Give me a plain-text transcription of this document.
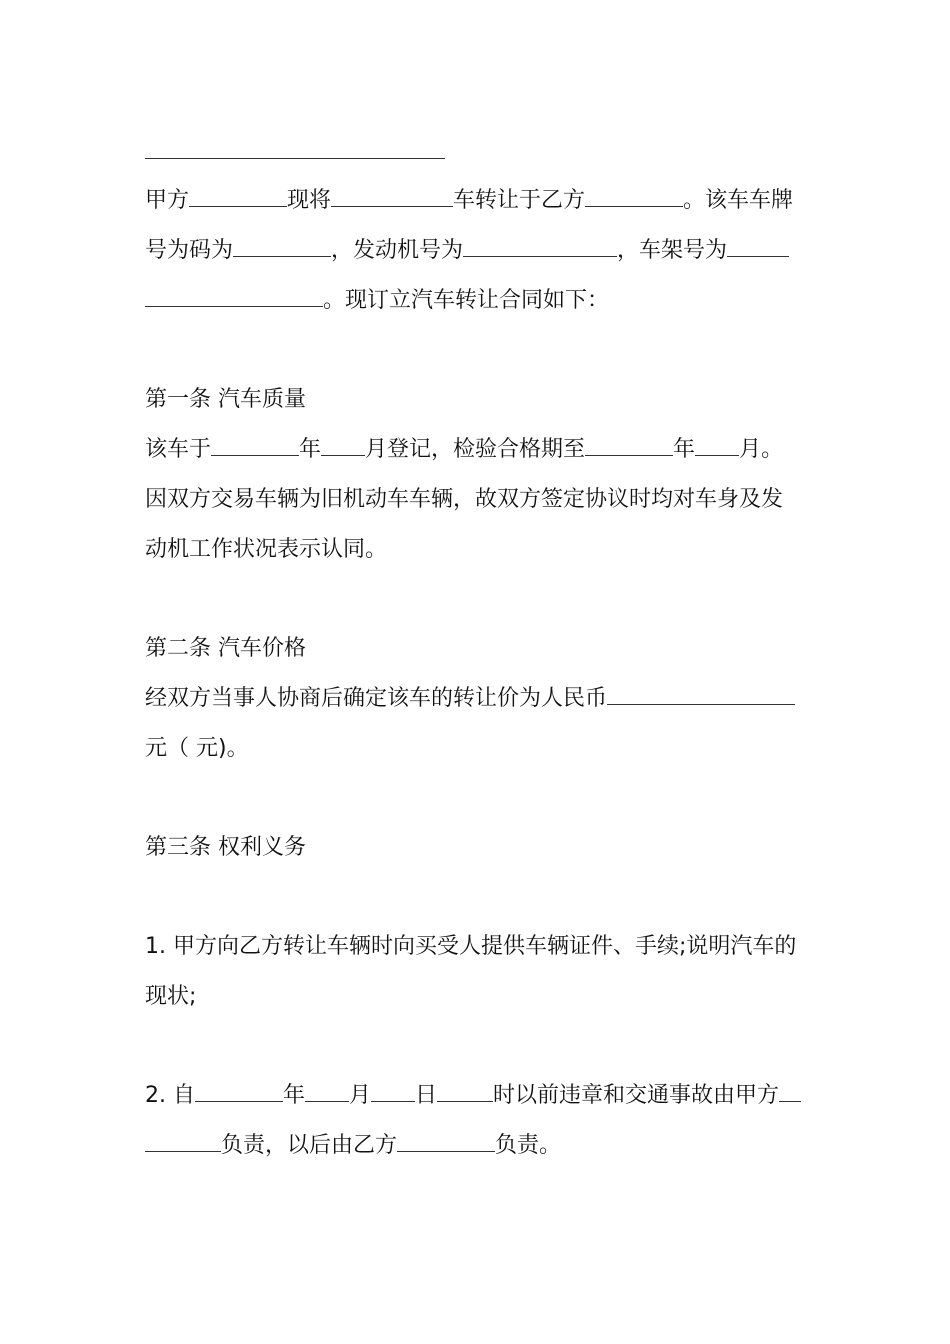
甲方	现将	车转让于乙方	。该车车牌
号为码为	，发动机号为	，车架号为
。现订立汽车转让合同如下：
第一条 汽车质量
该车于	年 月登记，检验合格期至	年 月。
因双方交易车辆为旧机动车车辆，故双方签定协议时均对车身及发
动机工作状况表示认同。
第二条 汽车价格
经双方当事人协商后确定该车的转让价为人民币
元（ 元)。
第三条 权利义务
1. 甲方向乙方转让车辆时向买受人提供车辆证件、手续;说明汽车的
现状;
2. 自	年 月 日	时以前违章和交通事故由甲方
负责，以后由乙方	负责。
